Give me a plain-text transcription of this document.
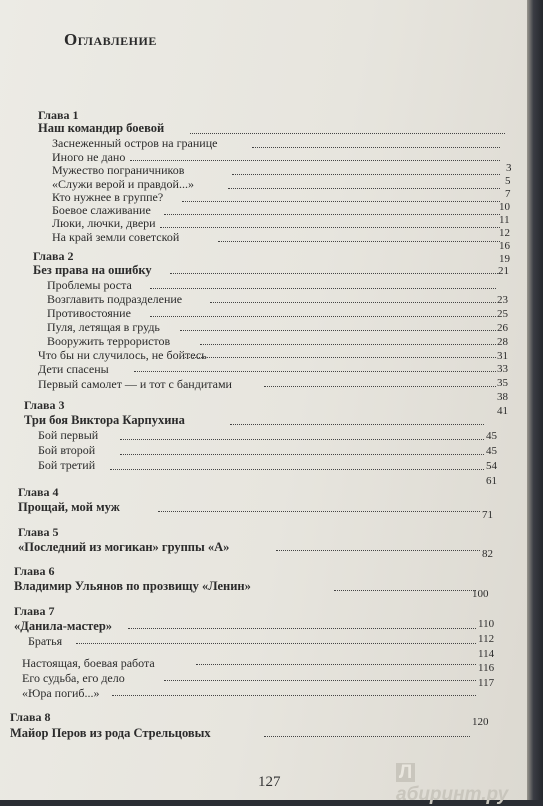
Оглавление
Глава 1
Наш командир боевой
Заснеженный остров на границе
Иного не дано
Мужество пограничников
«Служи верой и правдой...»
Кто нужнее в группе?
Боевое слаживание
Люки, лючки, двери
На край земли советской
Глава 2
Без права на ошибку
Проблемы роста
Возглавить подразделение
Противостояние
Пуля, летящая в грудь
Вооружить террористов
Что бы ни случилось, не бойтесь
Дети спасены
Первый самолет — и тот с бандитами
Глава 3
Три боя Виктора Карпухина
Бой первый
Бой второй
Бой третий
Глава 4
Прощай, мой муж
Глава 5
«Последний из могикан» группы «А»
Глава 6
Владимир Ульянов по прозвищу «Ленин»
Глава 7
«Данила-мастер»
Братья
Настоящая, боевая работа
Его судьба, его дело
«Юра погиб...»
Глава 8
Майор Перов из рода Стрельцовых
3
5
7
10
11
12
16
19
21
23
25
26
28
31
33
35
38
41
45
45
54
61
71
82
100
110
112
114
116
117
120
127	Лабиринт.ру
